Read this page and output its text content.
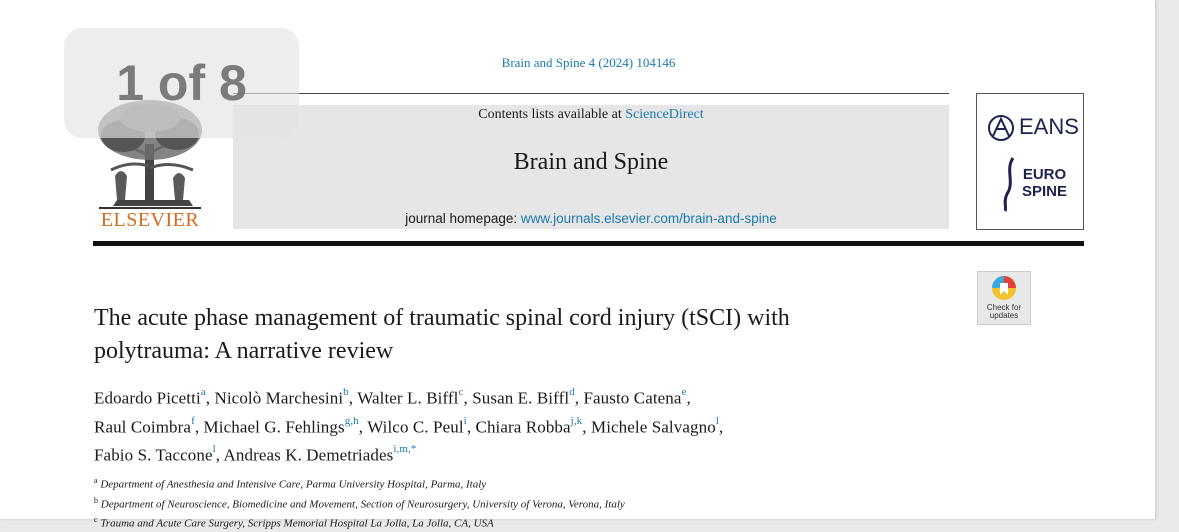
Brain and Spine 4 (2024) 104146
ELSEVIER
Contents lists available at ScienceDirect
Brain and Spine
journal homepage: www.journals.elsevier.com/brain-and-spine
EANS
EURO
SPINE
Check for
updates
The acute phase management of traumatic spinal cord injury (tSCI) with
polytrauma: A narrative review
Edoardo Picetti$^a$, Nicolò Marchesini$^b$, Walter L. Biffl$^c$, Susan E. Biffl$^d$, Fausto Catena$^e$,
Raul Coimbra$^f$, Michael G. Fehlings$^{g,h}$, Wilco C. Peul$^i$, Chiara Robba$^{j,k}$, Michele Salvagno$^l$,
Fabio S. Taccone$^l$, Andreas K. Demetriades$^{i,m,*}$
$^a$ Department of Anesthesia and Intensive Care, Parma University Hospital, Parma, Italy
$^b$ Department of Neuroscience, Biomedicine and Movement, Section of Neurosurgery, University of Verona, Verona, Italy
$^c$ Trauma and Acute Care Surgery, Scripps Memorial Hospital La Jolla, La Jolla, CA, USA
1 of 8
